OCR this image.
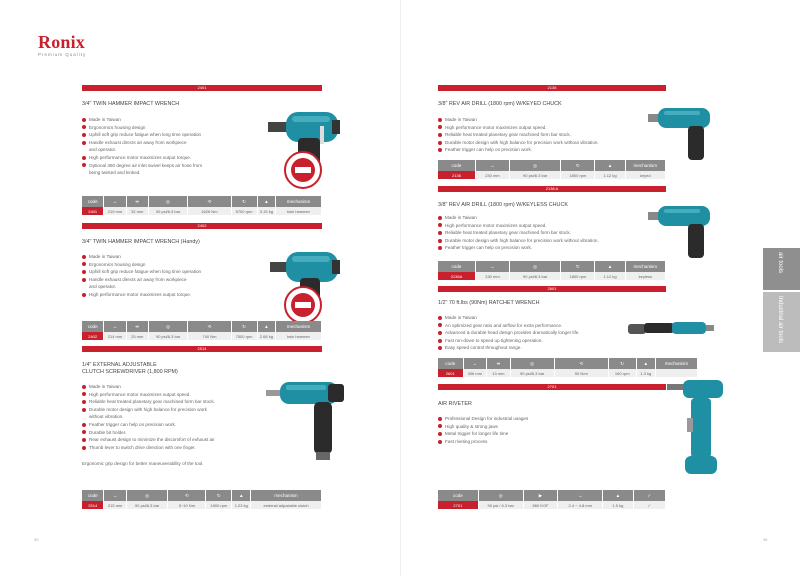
Ronix
Premium Quality
2401
3/4" TWIN HAMMER IMPACT WRENCH
Made in Taiwan
Ergonomics housing design
Uphill soft grip reduce fatigue when long time operation
Handle exhaust directs air away from workpiece
and operator.
High performance motor maximizes output torque.
Optional 360 degree air inlet swivel keeps air hose from
being twisted and kinked.
code	↔	⇹	◎	⟲	↻	▲	mechanism
2401	219 mm	32 mm	90 psi/6.3 bar	1626 Nm	5700 rpm	3.15 kg	twin hammer
2402
3/4" TWIN HAMMER IMPACT WRENCH (Handy)
Made in Taiwan
Ergonomics housing design
Uphill soft grip reduce fatigue when long time operation
Handle exhaust directs air away from workpiece
and operator.
High performance motor maximizes output torque.
code	↔	⇹	◎	⟲	↻	▲	mechanism
2402	214 mm	25 mm	90 psi/6.3 bar	740 Nm	7500 rpm	2.68 kg	twin hammer
2514
1/4" EXTERNAL ADJUSTABLE
CLUTCH SCREWDRIVER (1,800 RPM)
Made in Taiwan
High performance motor maximizes output speed.
Reliable heat treated planetary gear machined form bar stock.
Durable motor design with high balance for precision work
without vibration.
Feather trigger can help on precision work.
Durable bit holder.
Rear exhaust design to minimize the discomfort of exhaust air
Thumb lever to switch drive direction with one finger.
Ergonomic grip design for better maneuverability of the tool.
code	↔	◎	⟲	↻	▲	mechanism
2514	215 mm	90 psi/6.3 bar	5~10 Nm	1800 rpm	1.23 kg	external adjustable clutch
30
2136
3/8" REV AIR DRILL (1800 rpm) W/KEYED CHUCK
Made in Taiwan
High performance motor maximizes output speed.
Reliable heat treated planetary gear machined form bar stock.
Durable motor design with high balance for precision work without vibration.
Feather trigger can help on precision work.
code	↔	◎	↻	▲	mechanism
2136	230 mm	90 psi/6.3 bar	1800 rpm	1.12 kg	keyed
2136 A
3/8" REV AIR DRILL (1800 rpm) W/KEYLESS CHUCK
Made in Taiwan
High performance motor maximizes output speed.
Reliable heat treated planetary gear machined form bar stock.
Durable motor design with high balance for precision work without vibration.
Feather trigger can help on precision work.
code	↔	◎	↻	▲	mechanism
2136A	230 mm	90 psi/6.3 bar	1800 rpm	1.12 kg	keyless
2601
1/2" 70 ft.lbs (90Nm) RATCHET WRENCH
Made in Taiwan
An optimized gear ratio and airflow for extra performance.
Advanced & durable head design provides dramatically longer life.
Fast run-down to speed up tightening operation.
Easy speed control throughout range.
code	↔	⇹	◎	⟲	↻	▲	mechanism
2601	306 mm	13 mm	90 psi/6.3 bar	90 N•m	160 rpm	1.3 kg	
2701
AIR RIVETER
Professional Design for industrial usages
High quality & strong jaws
Metal trigger for longer life time
Fast riveting process
code	◎	▶	↔	▲	✓
2701	90 psi / 6.3 bar	860 KGF	2.4 ~ 4.8 mm	1.5 kg	✓
air tools
Industrial air tools
36
